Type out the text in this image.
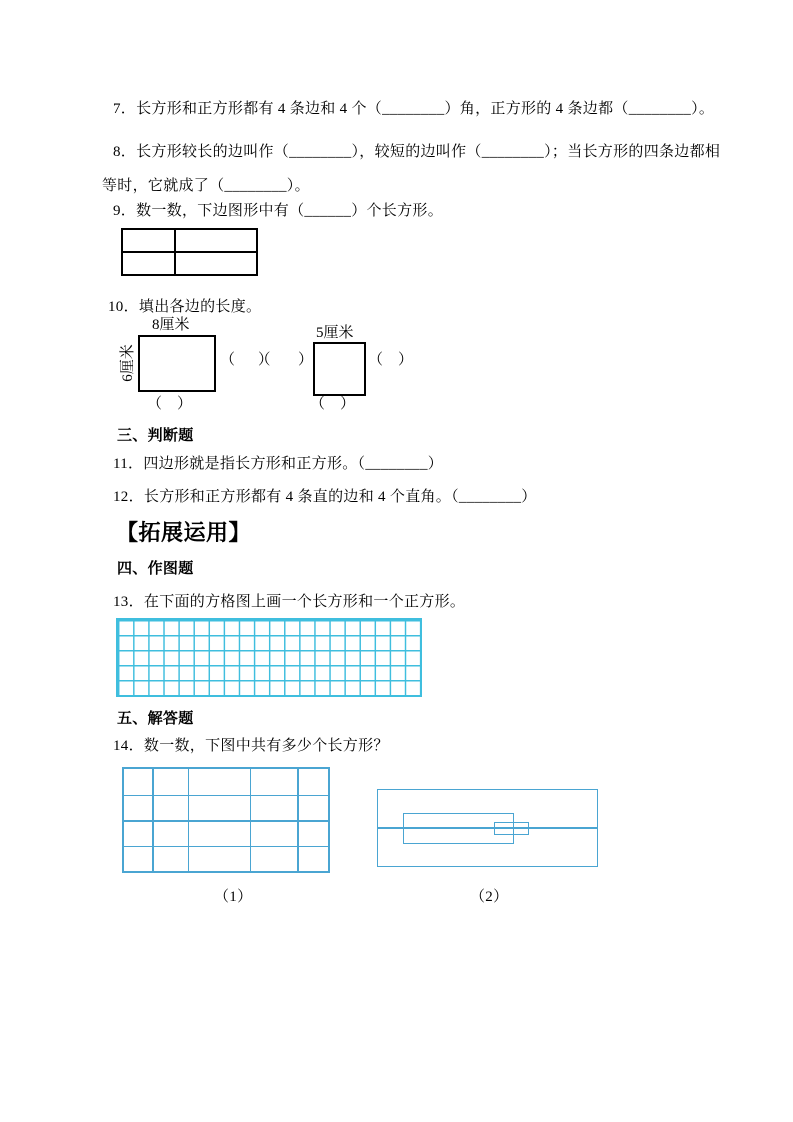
7．长方形和正方形都有 4 条边和 4 个（________）角，正方形的 4 条边都（________）。
8．长方形较长的边叫作（________），较短的边叫作（________）；当长方形的四条边都相
等时，它就成了（________）。
9．数一数，下边图形中有（______）个长方形。
10．填出各边的长度。
8厘米
6厘米
（　）
（ ）（ ）
5厘米
（　）
（　）
三、判断题
11．四边形就是指长方形和正方形。（________）
12．长方形和正方形都有 4 条直的边和 4 个直角。（________）
【拓展运用】
四、作图题
13．在下面的方格图上画一个长方形和一个正方形。
五、解答题
14．数一数，下图中共有多少个长方形？
（1）	（2）
